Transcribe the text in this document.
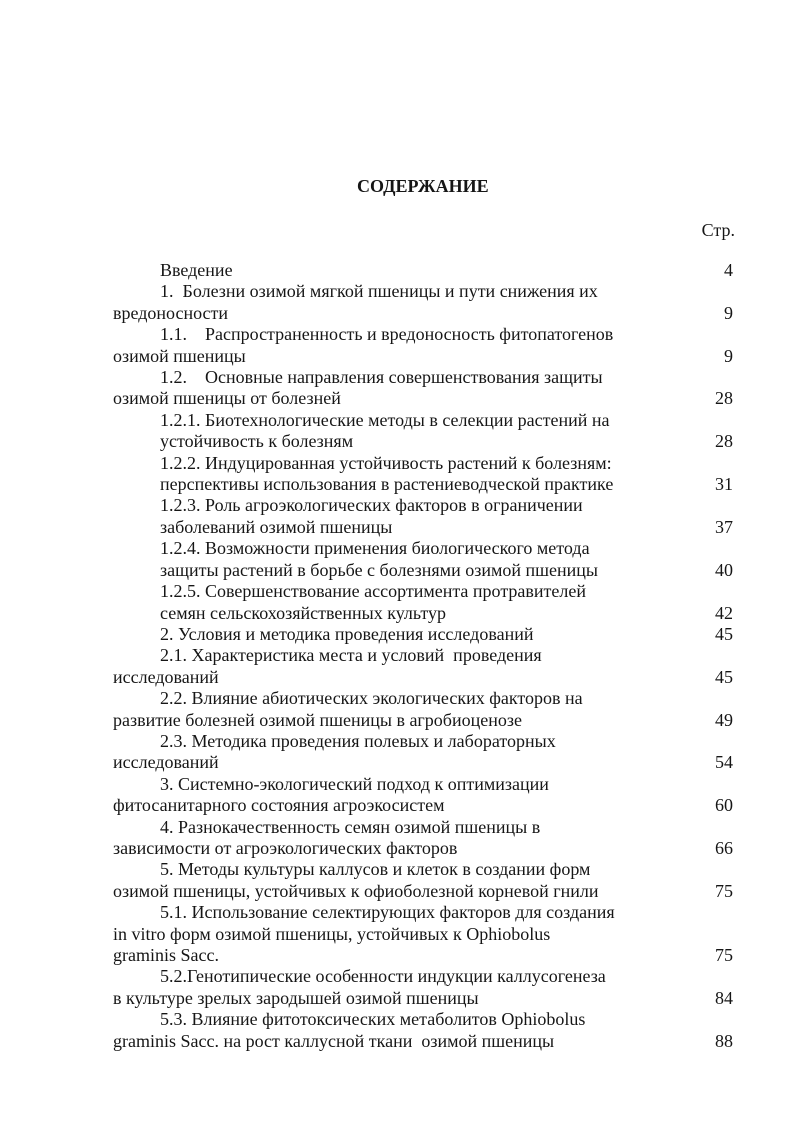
СОДЕРЖАНИЕ
Стр.
Введение	4
1.  Болезни озимой мягкой пшеницы и пути снижения их
вредоносности	9
1.1.    Распространенность и вредоносность фитопатогенов
озимой пшеницы	9
1.2.    Основные направления совершенствования защиты
озимой пшеницы от болезней	28
1.2.1. Биотехнологические методы в селекции растений на
устойчивость к болезням	28
1.2.2. Индуцированная устойчивость растений к болезням:
перспективы использования в растениеводческой практике	31
1.2.3. Роль агроэкологических факторов в ограничении
заболеваний озимой пшеницы	37
1.2.4. Возможности применения биологического метода
защиты растений в борьбе с болезнями озимой пшеницы	40
1.2.5. Совершенствование ассортимента протравителей
семян сельскохозяйственных культур	42
2. Условия и методика проведения исследований	45
2.1. Характеристика места и условий  проведения
исследований	45
2.2. Влияние абиотических экологических факторов на
развитие болезней озимой пшеницы в агробиоценозе	49
2.3. Методика проведения полевых и лабораторных
исследований	54
3. Системно-экологический подход к оптимизации
фитосанитарного состояния агроэкосистем	60
4. Разнокачественность семян озимой пшеницы в
зависимости от агроэкологических факторов	66
5. Методы культуры каллусов и клеток в создании форм
озимой пшеницы, устойчивых к офиоболезной корневой гнили	75
5.1. Использование селектирующих факторов для создания
in vitro форм озимой пшеницы, устойчивых к Ophiobolus
graminis Sacc.	75
5.2.Генотипические особенности индукции каллусогенеза
в культуре зрелых зародышей озимой пшеницы	84
5.3. Влияние фитотоксических метаболитов Ophiobolus
graminis Sacc. на рост каллусной ткани  озимой пшеницы	88
